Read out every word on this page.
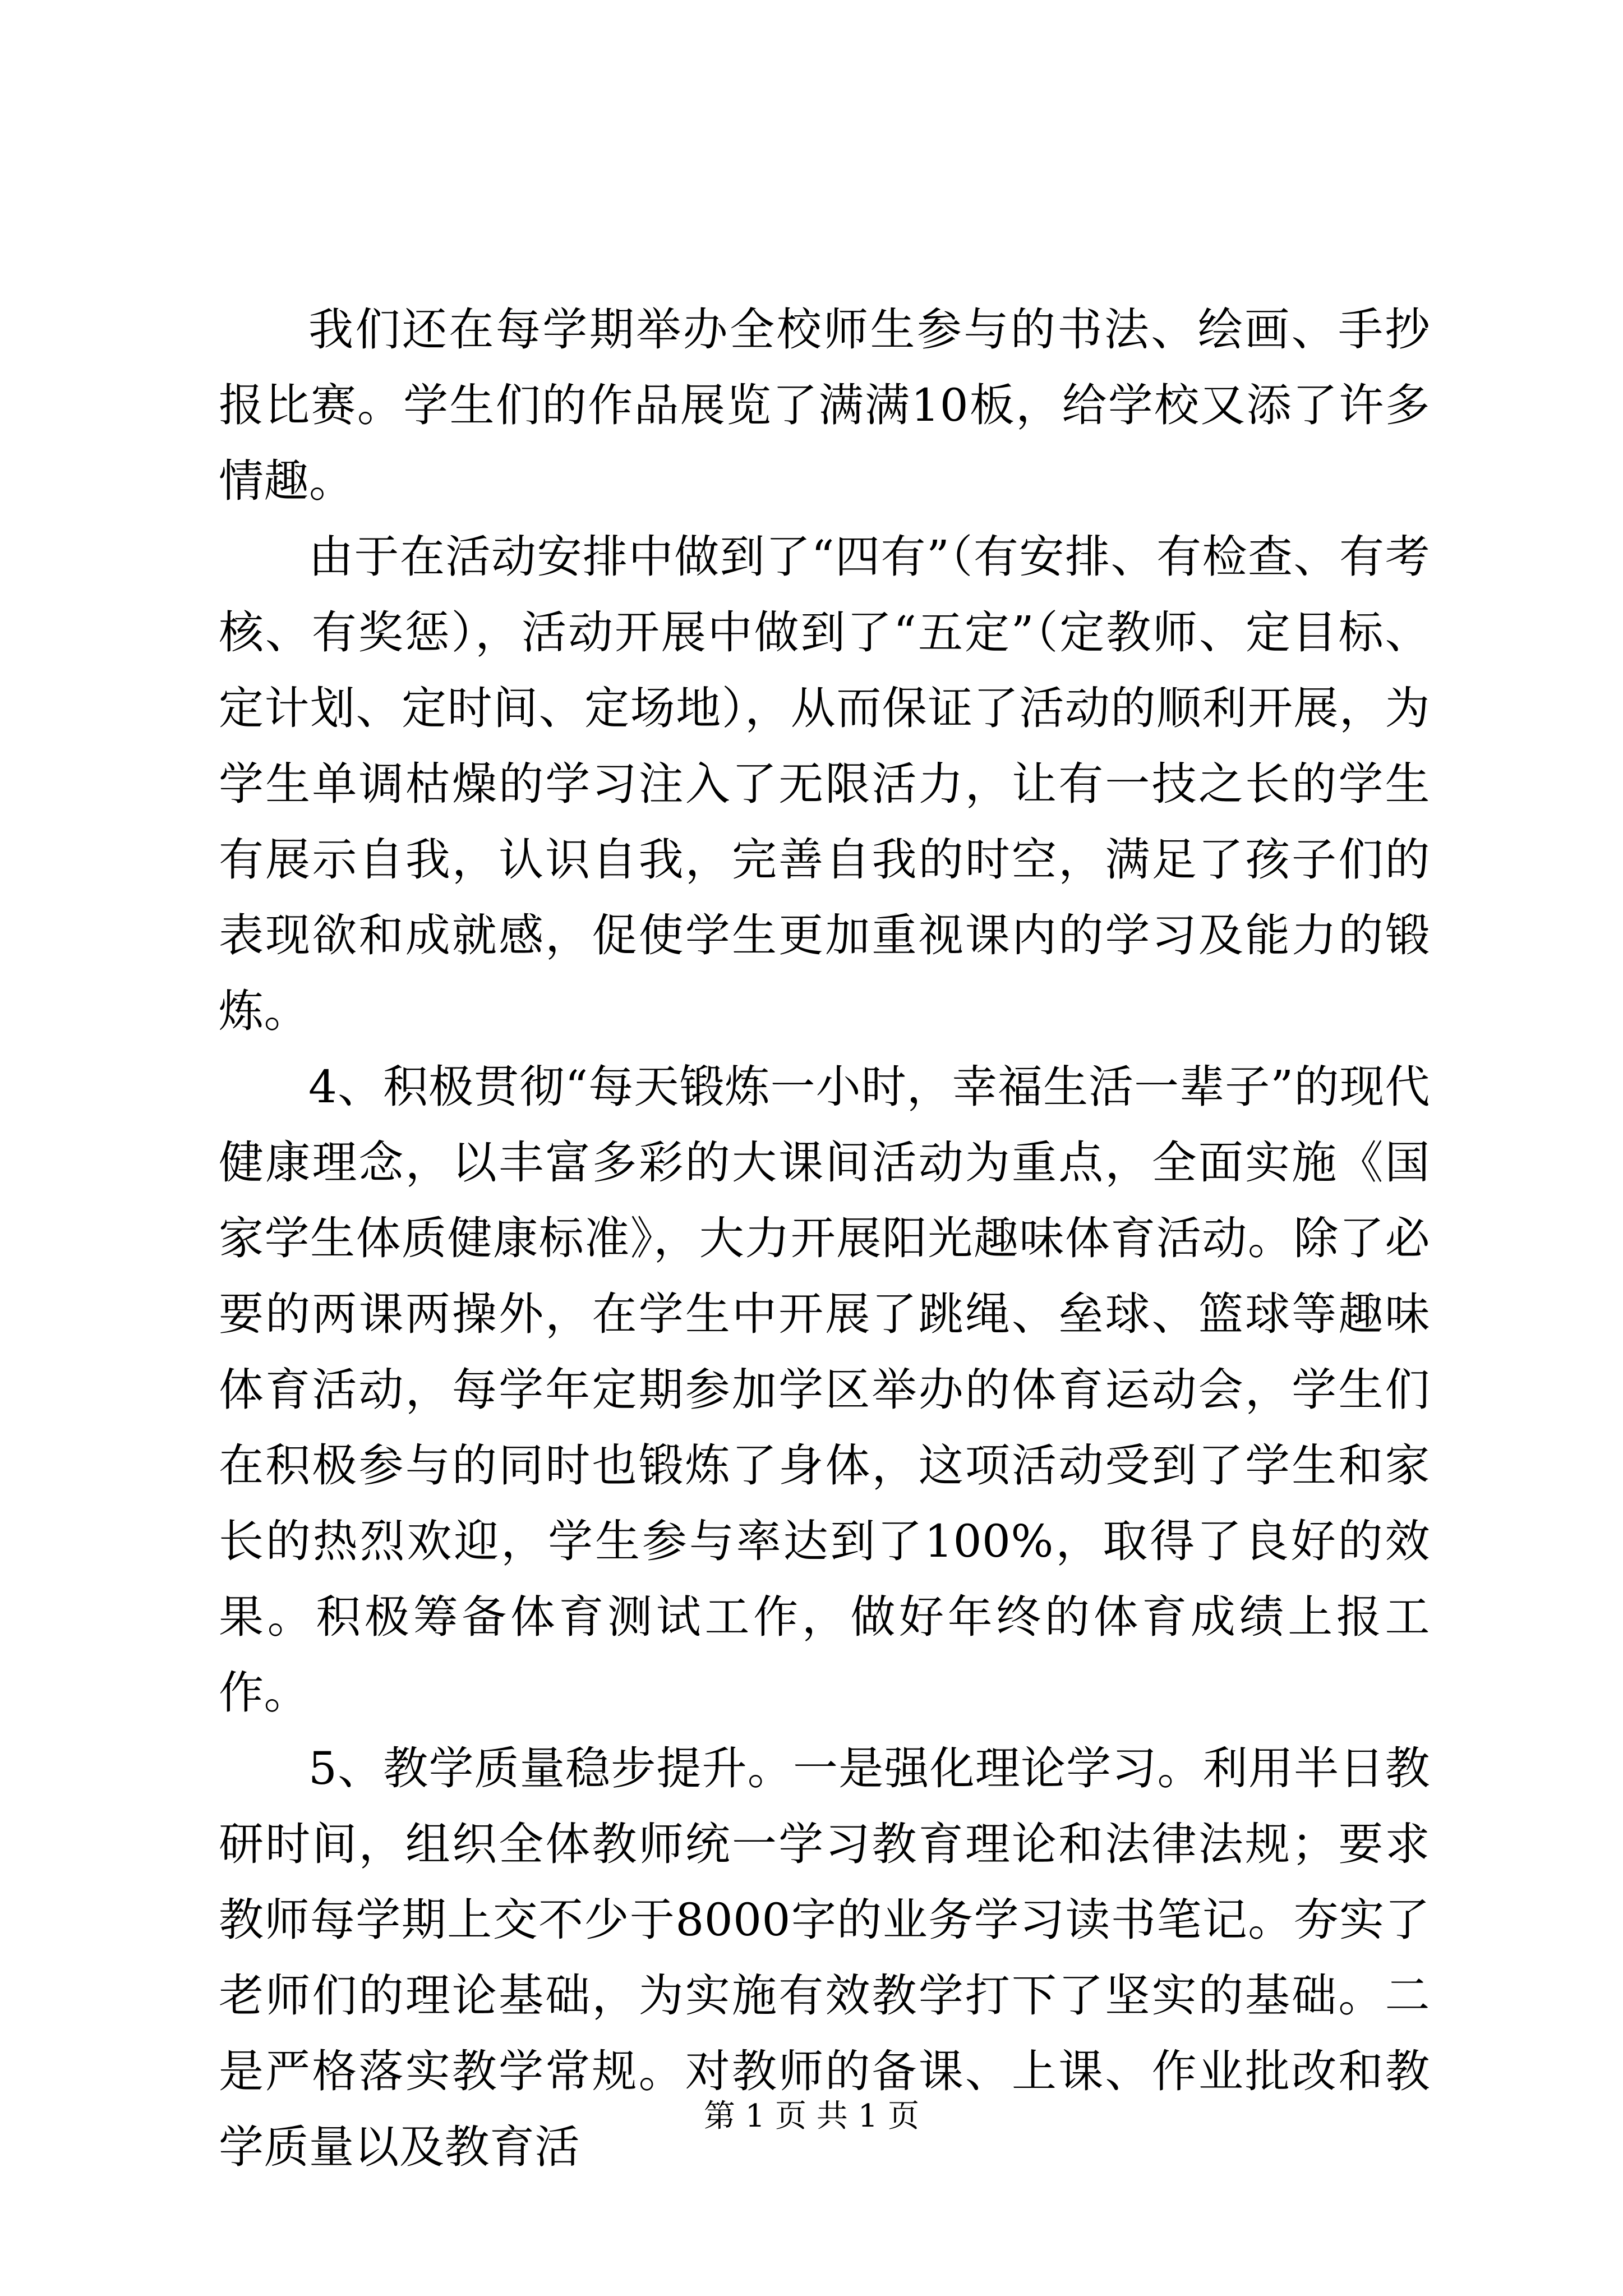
我们还在每学期举办全校师生参与的书法、绘画、手抄报比赛。学生们的作品展览了满满10板，给学校又添了许多情趣。

由于在活动安排中做到了“四有”（有安排、有检查、有考核、有奖惩），活动开展中做到了“五定”（定教师、定目标、定计划、定时间、定场地），从而保证了活动的顺利开展，为学生单调枯燥的学习注入了无限活力，让有一技之长的学生有展示自我，认识自我，完善自我的时空，满足了孩子们的表现欲和成就感，促使学生更加重视课内的学习及能力的锻炼。

4、积极贯彻“每天锻炼一小时，幸福生活一辈子”的现代健康理念，以丰富多彩的大课间活动为重点，全面实施《国家学生体质健康标准》，大力开展阳光趣味体育活动。除了必要的两课两操外，在学生中开展了跳绳、垒球、篮球等趣味体育活动，每学年定期参加学区举办的体育运动会，学生们在积极参与的同时也锻炼了身体，这项活动受到了学生和家长的热烈欢迎，学生参与率达到了100%，取得了良好的效果。积极筹备体育测试工作，做好年终的体育成绩上报工作。

5、教学质量稳步提升。一是强化理论学习。利用半日教研时间，组织全体教师统一学习教育理论和法律法规；要求教师每学期上交不少于8000字的业务学习读书笔记。夯实了老师们的理论基础，为实施有效教学打下了坚实的基础。二是严格落实教学常规。对教师的备课、上课、作业批改和教学质量以及教育活

第 1 页 共 1 页
